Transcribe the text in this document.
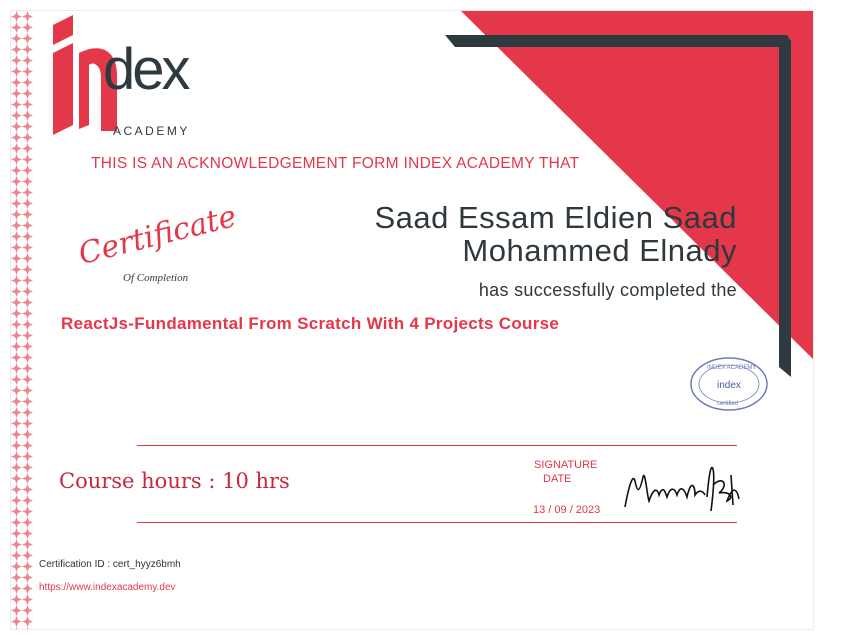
dex
ACADEMY
THIS IS AN ACKNOWLEDGEMENT FORM INDEX ACADEMY THAT
Certificate
Of Completion
Saad Essam Eldien Saad
Mohammed Elnady
has successfully completed the
ReactJs-Fundamental From Scratch With 4 Projects Course
INDEX ACADEMY
index
certified
Course hours : 10 hrs
SIGNATURE
DATE
13 / 09 / 2023
Certification ID : cert_hyyz6bmh
https://www.indexacademy.dev
